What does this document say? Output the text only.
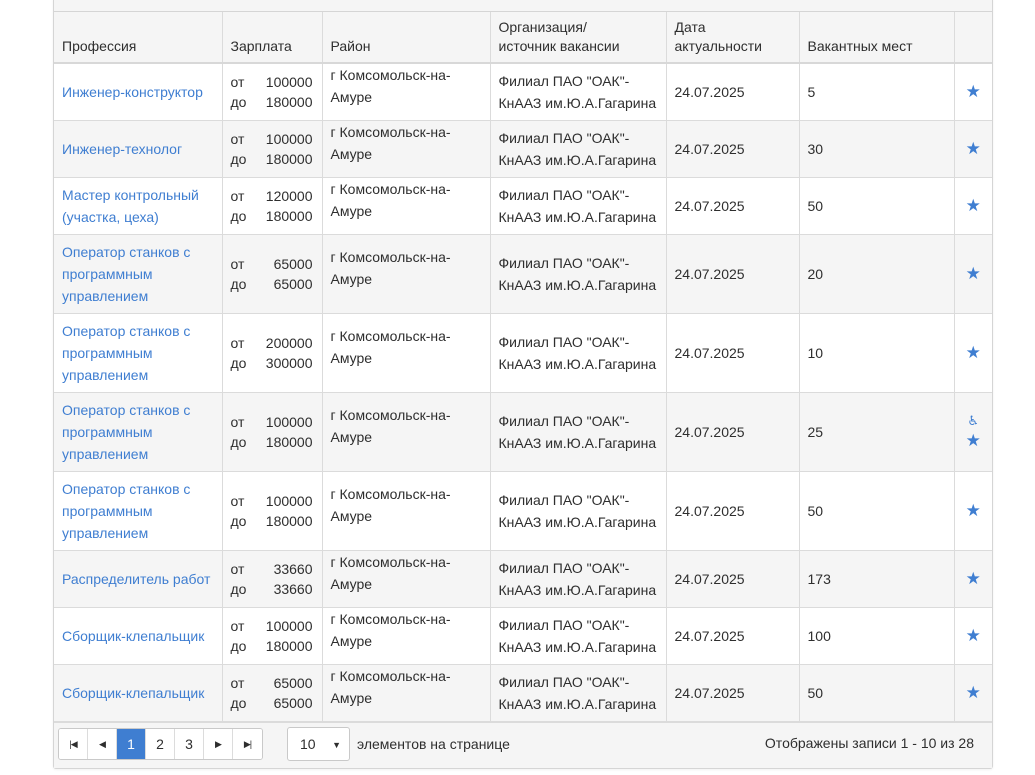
Профессия	Зарплата	Район	Организация/
источник вакансии	Дата
актуальности	Вакантных мест	
Инженер-конструктор	от 100000
до 180000	г Комсомольск-на-Амуре	Филиал ПАО "ОАК"-
КнААЗ им.Ю.А.Гагарина	24.07.2025	5	★

Инженер-технолог	от 100000
до 180000	г Комсомольск-на-Амуре	Филиал ПАО "ОАК"-
КнААЗ им.Ю.А.Гагарина	24.07.2025	30	★

Мастер контрольный (участка, цеха)	от 120000
до 180000	г Комсомольск-на-Амуре	Филиал ПАО "ОАК"-
КнААЗ им.Ю.А.Гагарина	24.07.2025	50	★

Оператор станков с программным управлением	от 65000
до 65000	г Комсомольск-на-Амуре	Филиал ПАО "ОАК"-
КнААЗ им.Ю.А.Гагарина	24.07.2025	20	★

Оператор станков с программным управлением	от 200000
до 300000	г Комсомольск-на-Амуре	Филиал ПАО "ОАК"-
КнААЗ им.Ю.А.Гагарина	24.07.2025	10	★

Оператор станков с программным управлением	от 100000
до 180000	г Комсомольск-на-Амуре	Филиал ПАО "ОАК"-
КнААЗ им.Ю.А.Гагарина	24.07.2025	25	♿
★

Оператор станков с программным управлением	от 100000
до 180000	г Комсомольск-на-Амуре	Филиал ПАО "ОАК"-
КнААЗ им.Ю.А.Гагарина	24.07.2025	50	★

Распределитель работ	от 33660
до 33660	г Комсомольск-на-Амуре	Филиал ПАО "ОАК"-
КнААЗ им.Ю.А.Гагарина	24.07.2025	173	★

Сборщик-клепальщик	от 100000
до 180000	г Комсомольск-на-Амуре	Филиал ПАО "ОАК"-
КнААЗ им.Ю.А.Гагарина	24.07.2025	100	★

Сборщик-клепальщик	от 65000
до 65000	г Комсомольск-на-Амуре	Филиал ПАО "ОАК"-
КнААЗ им.Ю.А.Гагарина	24.07.2025	50	★
|◀ ◀ 1 2 3 ▶	▶|	10 ▼ элементов на странице	Отображены записи 1 - 10 из 28
